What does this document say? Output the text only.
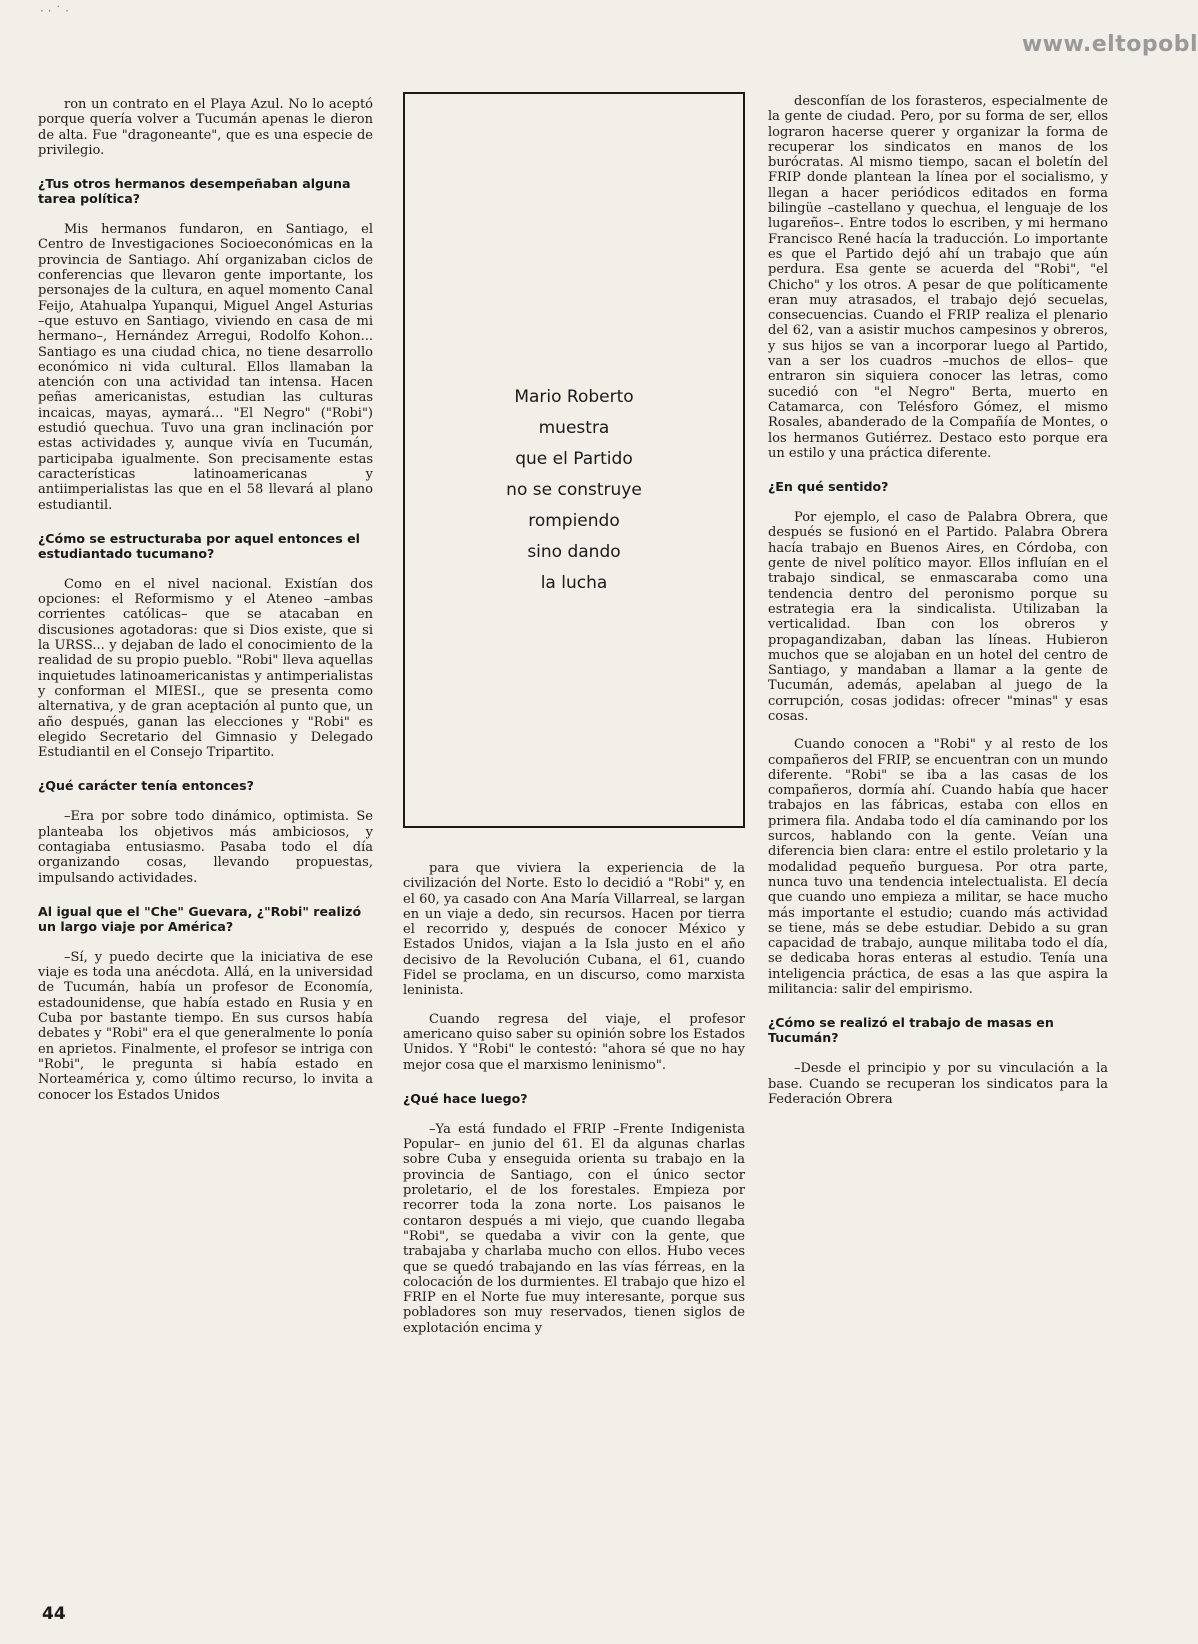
www.eltopobl
· · ˙ ·

ron un contrato en el Playa Azul. No lo aceptó porque quería volver a Tucumán apenas le dieron de alta. Fue "dragoneante", que es una especie de privilegio.

¿Tus otros hermanos desempeñaban alguna tarea política?

Mis hermanos fundaron, en Santiago, el Centro de Investigaciones Socioeconómicas en la provincia de Santiago. Ahí organizaban ciclos de conferencias que llevaron gente importante, los personajes de la cultura, en aquel momento Canal Feijo, Atahualpa Yupanqui, Miguel Angel Asturias –que estuvo en Santiago, viviendo en casa de mi hermano–, Hernández Arregui, Rodolfo Kohon... Santiago es una ciudad chica, no tiene desarrollo económico ni vida cultural. Ellos llamaban la atención con una actividad tan intensa. Hacen peñas americanistas, estudian las culturas incaicas, mayas, aymará... "El Negro" ("Robi") estudió quechua. Tuvo una gran inclinación por estas actividades y, aunque vivía en Tucumán, participaba igualmente. Son precisamente estas características latinoamericanas y antiimperialistas las que en el 58 llevará al plano estudiantil.

¿Cómo se estructuraba por aquel entonces el estudiantado tucumano?

Como en el nivel nacional. Existían dos opciones: el Reformismo y el Ateneo –ambas corrientes católicas– que se atacaban en discusiones agotadoras: que si Dios existe, que si la URSS... y dejaban de lado el conocimiento de la realidad de su propio pueblo. "Robi" lleva aquellas inquietudes latinoamericanistas y antimperialistas y conforman el MIESI., que se presenta como alternativa, y de gran aceptación al punto que, un año después, ganan las elecciones y "Robi" es elegido Secretario del Gimnasio y Delegado Estudiantil en el Consejo Tripartito.

¿Qué carácter tenía entonces?

–Era por sobre todo dinámico, optimista. Se planteaba los objetivos más ambiciosos, y contagiaba entusiasmo. Pasaba todo el día organizando cosas, llevando propuestas, impulsando actividades.

Al igual que el "Che" Guevara, ¿"Robi" realizó un largo viaje por América?

–Sí, y puedo decirte que la iniciativa de ese viaje es toda una anécdota. Allá, en la universidad de Tucumán, había un profesor de Economía, estadounidense, que había estado en Rusia y en Cuba por bastante tiempo. En sus cursos había debates y "Robi" era el que generalmente lo ponía en aprietos. Finalmente, el profesor se intriga con "Robi", le pregunta si había estado en Norteamérica y, como último recurso, lo invita a conocer los Estados Unidos

Mario Roberto
muestra
que el Partido
no se construye
rompiendo
sino dando
la lucha

para que viviera la experiencia de la civilización del Norte. Esto lo decidió a "Robi" y, en el 60, ya casado con Ana María Villarreal, se largan en un viaje a dedo, sin recursos. Hacen por tierra el recorrido y, después de conocer México y Estados Unidos, viajan a la Isla justo en el año decisivo de la Revolución Cubana, el 61, cuando Fidel se proclama, en un discurso, como marxista leninista.

Cuando regresa del viaje, el profesor americano quiso saber su opinión sobre los Estados Unidos. Y "Robi" le contestó: "ahora sé que no hay mejor cosa que el marxismo leninismo".

¿Qué hace luego?

–Ya está fundado el FRIP –Frente Indigenista Popular– en junio del 61. El da algunas charlas sobre Cuba y enseguida orienta su trabajo en la provincia de Santiago, con el único sector proletario, el de los forestales. Empieza por recorrer toda la zona norte. Los paisanos le contaron después a mi viejo, que cuando llegaba "Robi", se quedaba a vivir con la gente, que trabajaba y charlaba mucho con ellos. Hubo veces que se quedó trabajando en las vías férreas, en la colocación de los durmientes. El trabajo que hizo el FRIP en el Norte fue muy interesante, porque sus pobladores son muy reservados, tienen siglos de explotación encima y

desconfían de los forasteros, especialmente de la gente de ciudad. Pero, por su forma de ser, ellos lograron hacerse querer y organizar la forma de recuperar los sindicatos en manos de los burócratas. Al mismo tiempo, sacan el boletín del FRIP donde plantean la línea por el socialismo, y llegan a hacer periódicos editados en forma bilingüe –castellano y quechua, el lenguaje de los lugareños–. Entre todos lo escriben, y mi hermano Francisco René hacía la traducción. Lo importante es que el Partido dejó ahí un trabajo que aún perdura. Esa gente se acuerda del "Robi", "el Chicho" y los otros. A pesar de que políticamente eran muy atrasados, el trabajo dejó secuelas, consecuencias. Cuando el FRIP realiza el plenario del 62, van a asistir muchos campesinos y obreros, y sus hijos se van a incorporar luego al Partido, van a ser los cuadros –muchos de ellos– que entraron sin siquiera conocer las letras, como sucedió con "el Negro" Berta, muerto en Catamarca, con Telésforo Gómez, el mismo Rosales, abanderado de la Compañía de Montes, o los hermanos Gutiérrez. Destaco esto porque era un estilo y una práctica diferente.

¿En qué sentido?

Por ejemplo, el caso de Palabra Obrera, que después se fusionó en el Partido. Palabra Obrera hacía trabajo en Buenos Aires, en Córdoba, con gente de nivel político mayor. Ellos influían en el trabajo sindical, se enmascaraba como una tendencia dentro del peronismo porque su estrategia era la sindicalista. Utilizaban la verticalidad. Iban con los obreros y propagandizaban, daban las líneas. Hubieron muchos que se alojaban en un hotel del centro de Santiago, y mandaban a llamar a la gente de Tucumán, además, apelaban al juego de la corrupción, cosas jodidas: ofrecer "minas" y esas cosas.

Cuando conocen a "Robi" y al resto de los compañeros del FRIP, se encuentran con un mundo diferente. "Robi" se iba a las casas de los compañeros, dormía ahí. Cuando había que hacer trabajos en las fábricas, estaba con ellos en primera fila. Andaba todo el día caminando por los surcos, hablando con la gente. Veían una diferencia bien clara: entre el estilo proletario y la modalidad pequeño burguesa. Por otra parte, nunca tuvo una tendencia intelectualista. El decía que cuando uno empieza a militar, se hace mucho más importante el estudio; cuando más actividad se tiene, más se debe estudiar. Debido a su gran capacidad de trabajo, aunque militaba todo el día, se dedicaba horas enteras al estudio. Tenía una inteligencia práctica, de esas a las que aspira la militancia: salir del empirismo.

¿Cómo se realizó el trabajo de masas en Tucumán?

–Desde el principio y por su vinculación a la base. Cuando se recuperan los sindicatos para la Federación Obrera

44
